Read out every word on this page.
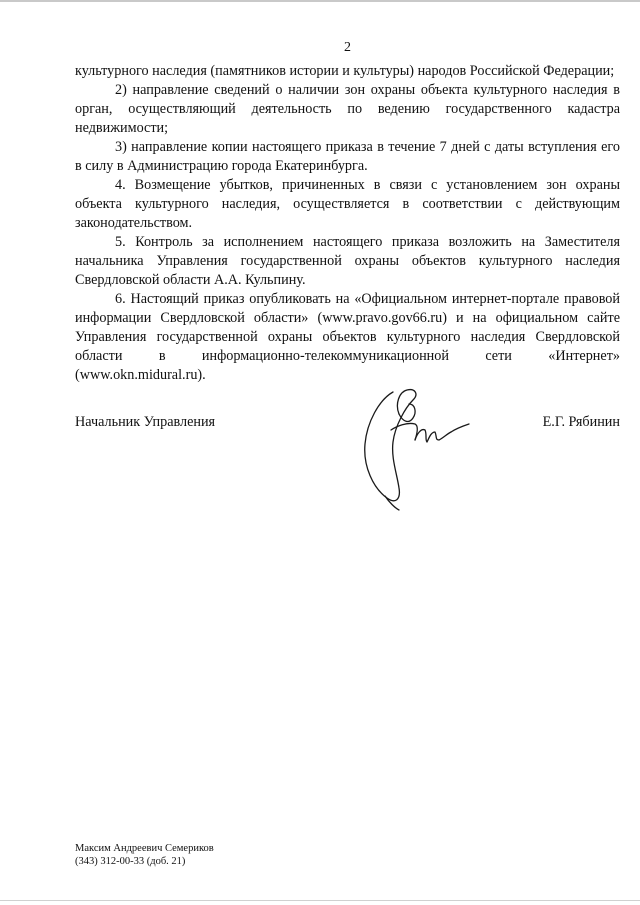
2

культурного наследия (памятников истории и культуры) народов Российской Федерации;

2) направление сведений о наличии зон охраны объекта культурного наследия в орган, осуществляющий деятельность по ведению государственного кадастра недвижимости;

3) направление копии настоящего приказа в течение 7 дней с даты вступления его в силу в Администрацию города Екатеринбурга.

4. Возмещение убытков, причиненных в связи с установлением зон охраны объекта культурного наследия, осуществляется в соответствии с действующим законодательством.

5. Контроль за исполнением настоящего приказа возложить на Заместителя начальника Управления государственной охраны объектов культурного наследия Свердловской области А.А. Кульпину.

6. Настоящий приказ опубликовать на «Официальном интернет-портале правовой информации Свердловской области» (www.pravo.gov66.ru) и на официальном сайте Управления государственной охраны объектов культурного наследия Свердловской области в информационно-телекоммуникационной сети «Интернет» (www.okn.midural.ru).

Начальник Управления	Е.Г. Рябинин
Максим Андреевич Семериков
(343) 312-00-33 (доб. 21)
